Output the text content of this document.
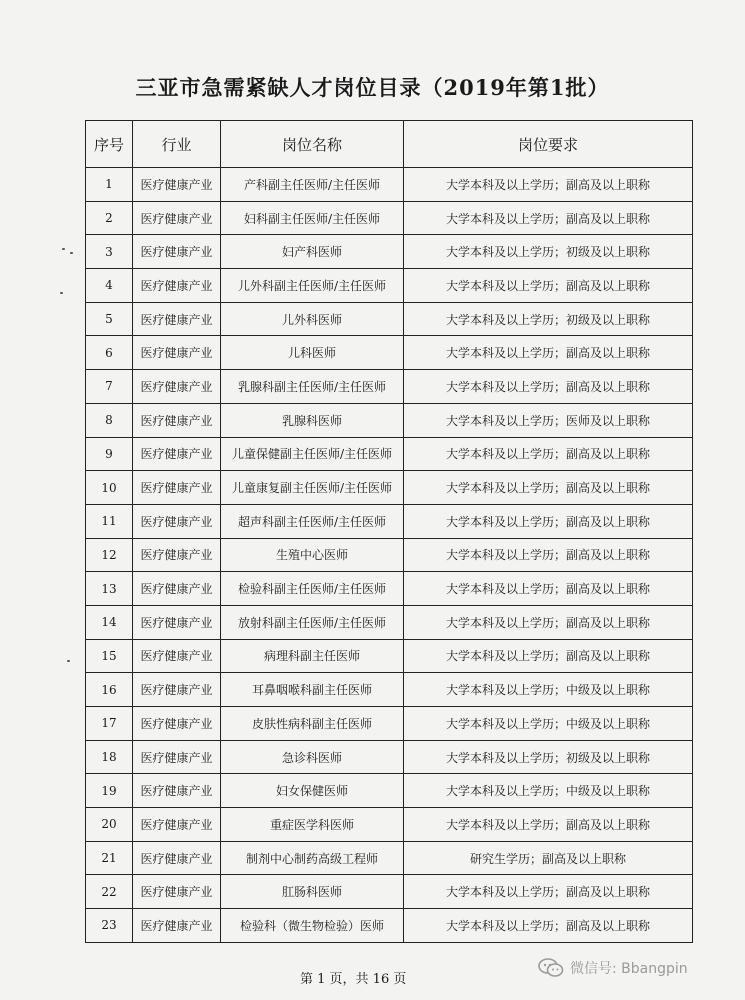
三亚市急需紧缺人才岗位目录（2019年第1批）
序号	行业	岗位名称	岗位要求
1	医疗健康产业	产科副主任医师/主任医师	大学本科及以上学历；副高及以上职称
2	医疗健康产业	妇科副主任医师/主任医师	大学本科及以上学历；副高及以上职称
3	医疗健康产业	妇产科医师	大学本科及以上学历；初级及以上职称
4	医疗健康产业	儿外科副主任医师/主任医师	大学本科及以上学历；副高及以上职称
5	医疗健康产业	儿外科医师	大学本科及以上学历；初级及以上职称
6	医疗健康产业	儿科医师	大学本科及以上学历；副高及以上职称
7	医疗健康产业	乳腺科副主任医师/主任医师	大学本科及以上学历；副高及以上职称
8	医疗健康产业	乳腺科医师	大学本科及以上学历；医师及以上职称
9	医疗健康产业	儿童保健副主任医师/主任医师	大学本科及以上学历；副高及以上职称
10	医疗健康产业	儿童康复副主任医师/主任医师	大学本科及以上学历；副高及以上职称
11	医疗健康产业	超声科副主任医师/主任医师	大学本科及以上学历；副高及以上职称
12	医疗健康产业	生殖中心医师	大学本科及以上学历；副高及以上职称
13	医疗健康产业	检验科副主任医师/主任医师	大学本科及以上学历；副高及以上职称
14	医疗健康产业	放射科副主任医师/主任医师	大学本科及以上学历；副高及以上职称
15	医疗健康产业	病理科副主任医师	大学本科及以上学历；副高及以上职称
16	医疗健康产业	耳鼻咽喉科副主任医师	大学本科及以上学历；中级及以上职称
17	医疗健康产业	皮肤性病科副主任医师	大学本科及以上学历；中级及以上职称
18	医疗健康产业	急诊科医师	大学本科及以上学历；初级及以上职称
19	医疗健康产业	妇女保健医师	大学本科及以上学历；中级及以上职称
20	医疗健康产业	重症医学科医师	大学本科及以上学历；副高及以上职称
21	医疗健康产业	制剂中心制药高级工程师	研究生学历；副高及以上职称
22	医疗健康产业	肛肠科医师	大学本科及以上学历；副高及以上职称
23	医疗健康产业	检验科（微生物检验）医师	大学本科及以上学历；副高及以上职称
第 1 页，共 16 页
微信号: Bbangpin
